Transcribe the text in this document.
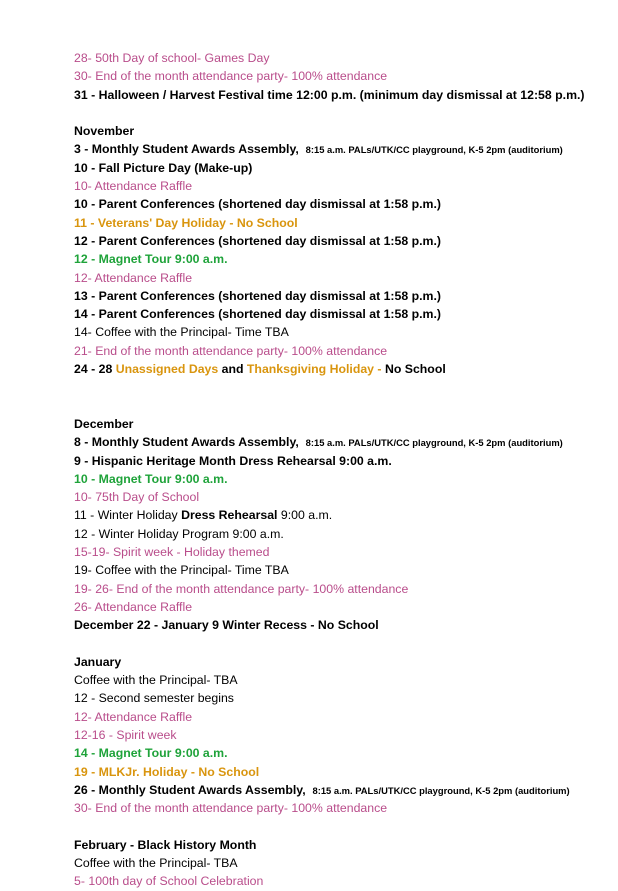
28- 50th Day of school- Games Day
30- End of the month attendance party- 100% attendance
31 - Halloween / Harvest Festival time 12:00 p.m. (minimum day dismissal at 12:58 p.m.)
November
3 - Monthly Student Awards Assembly, 8:15 a.m. PALs/UTK/CC playground, K-5 2pm (auditorium)
10 - Fall Picture Day (Make-up)
10- Attendance Raffle
10 - Parent Conferences (shortened day dismissal at 1:58 p.m.)
11 - Veterans' Day Holiday - No School
12 - Parent Conferences (shortened day dismissal at 1:58 p.m.)
12 - Magnet Tour 9:00 a.m.
12- Attendance Raffle
13 - Parent Conferences (shortened day dismissal at 1:58 p.m.)
14 - Parent Conferences (shortened day dismissal at 1:58 p.m.)
14- Coffee with the Principal- Time TBA
21- End of the month attendance party- 100% attendance
24 - 28 Unassigned Days and Thanksgiving Holiday - No School
December
8 - Monthly Student Awards Assembly, 8:15 a.m. PALs/UTK/CC playground, K-5 2pm (auditorium)
9 - Hispanic Heritage Month Dress Rehearsal 9:00 a.m.
10 - Magnet Tour 9:00 a.m.
10- 75th Day of School
11 - Winter Holiday Dress Rehearsal 9:00 a.m.
12 - Winter Holiday Program 9:00 a.m.
15-19- Spirit week - Holiday themed
19- Coffee with the Principal- Time TBA
19- 26- End of the month attendance party- 100% attendance
26- Attendance Raffle
December 22 - January 9 Winter Recess - No School
January
Coffee with the Principal- TBA
12 - Second semester begins
12- Attendance Raffle
12-16 - Spirit week
14 - Magnet Tour 9:00 a.m.
19 - MLKJr. Holiday - No School
26 - Monthly Student Awards Assembly, 8:15 a.m. PALs/UTK/CC playground, K-5 2pm (auditorium)
30- End of the month attendance party- 100% attendance
February - Black History Month
Coffee with the Principal- TBA
5- 100th day of School Celebration
